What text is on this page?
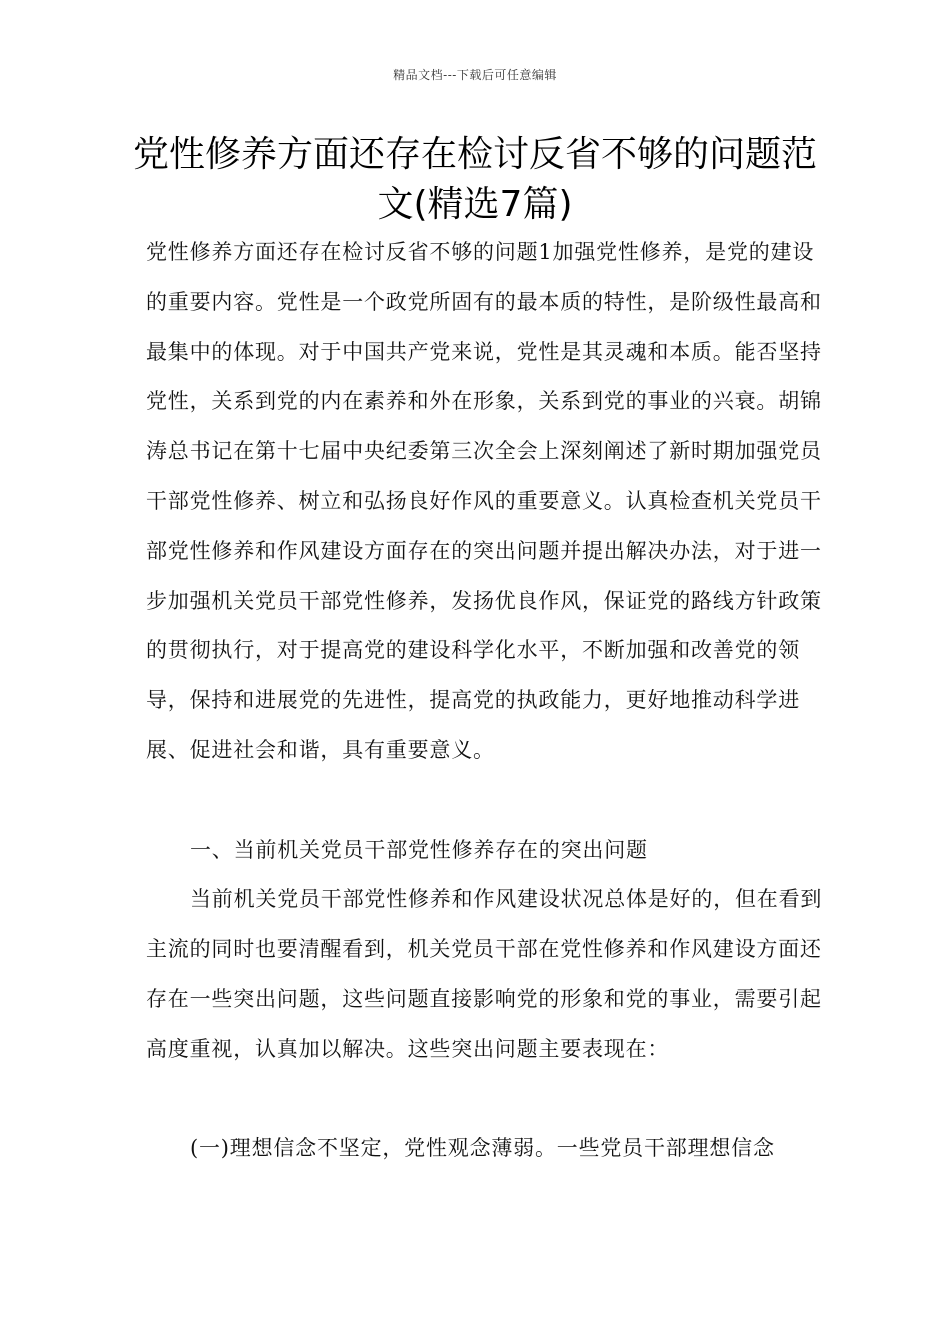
精品文档---下载后可任意编辑
党性修养方面还存在检讨反省不够的问题范文(精选7篇)

党性修养方面还存在检讨反省不够的问题1加强党性修养，是党的建设的重要内容。党性是一个政党所固有的最本质的特性，是阶级性最高和最集中的体现。对于中国共产党来说，党性是其灵魂和本质。能否坚持党性，关系到党的内在素养和外在形象，关系到党的事业的兴衰。胡锦涛总书记在第十七届中央纪委第三次全会上深刻阐述了新时期加强党员干部党性修养、树立和弘扬良好作风的重要意义。认真检查机关党员干部党性修养和作风建设方面存在的突出问题并提出解决办法，对于进一步加强机关党员干部党性修养，发扬优良作风，保证党的路线方针政策的贯彻执行，对于提高党的建设科学化水平，不断加强和改善党的领导，保持和进展党的先进性，提高党的执政能力，更好地推动科学进展、促进社会和谐，具有重要意义。

一、当前机关党员干部党性修养存在的突出问题

当前机关党员干部党性修养和作风建设状况总体是好的，但在看到主流的同时也要清醒看到，机关党员干部在党性修养和作风建设方面还存在一些突出问题，这些问题直接影响党的形象和党的事业，需要引起高度重视，认真加以解决。这些突出问题主要表现在：

(一)理想信念不坚定，党性观念薄弱。一些党员干部理想信念
